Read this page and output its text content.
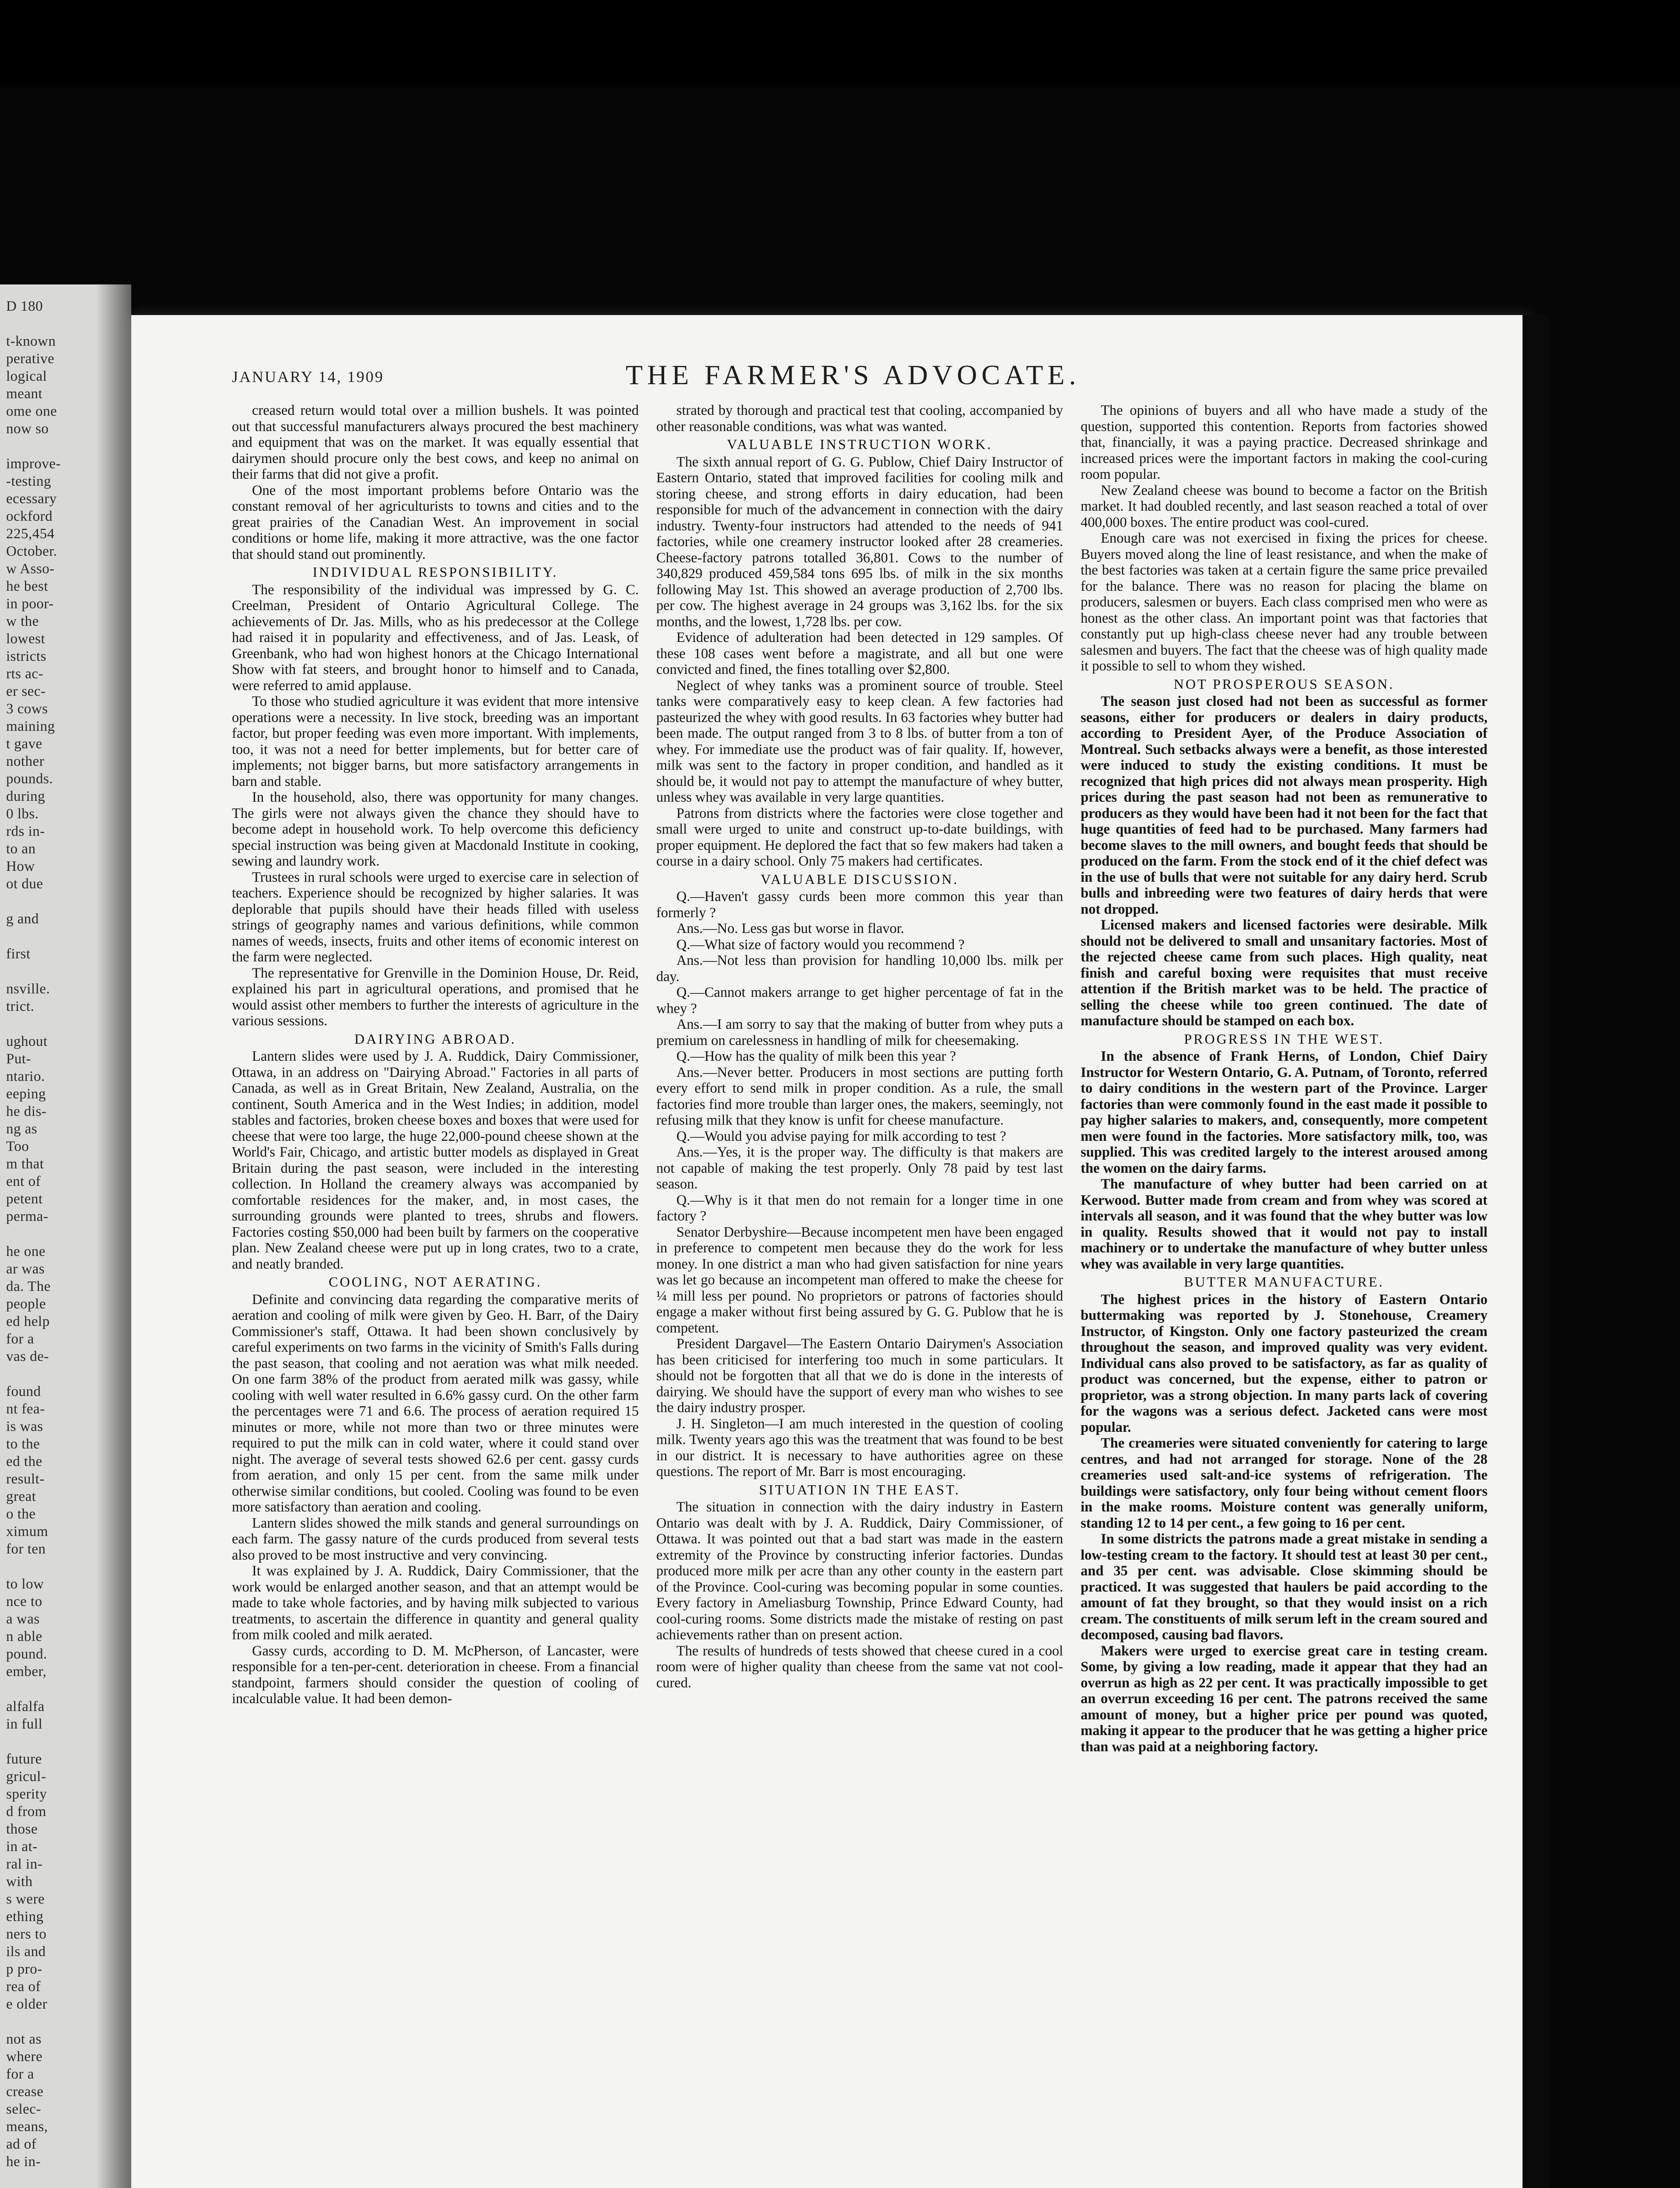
D 180

t-known
perative
logical
meant
ome one
now so

improve-
-testing
ecessary
ockford
225,454
October.
w Asso-
he best
in poor-
w the
lowest
istricts
rts ac-
er sec-
3 cows
maining
t gave
nother
pounds.
during
0 lbs.
rds in-
to an
How
ot due

g and

first

nsville.
trict.

ughout
Put-
ntario.
eeping
he dis-
ng as
Too
m that
ent of
petent
perma-

he one
ar was
da. The
people
ed help
for a
vas de-

found
nt fea-
is was
to the
ed the
result-
great
o the
ximum
for ten

to low
nce to
a was
n able
pound.
ember,

alfalfa
in full

future
gricul-
sperity
d from
those
in at-
ral in-
with
s were
ething
ners to
ils and
p pro-
rea of
e older

not as
where
for a
crease
selec-
means,
ad of
he in-
JANUARY 14, 1909	THE FARMER'S ADVOCATE.

creased return would total over a million bushels. It was pointed out that successful manufacturers always procured the best machinery and equipment that was on the market. It was equally essential that dairymen should procure only the best cows, and keep no animal on their farms that did not give a profit.

One of the most important problems before Ontario was the constant removal of her agriculturists to towns and cities and to the great prairies of the Canadian West. An improvement in social conditions or home life, making it more attractive, was the one factor that should stand out prominently.

INDIVIDUAL RESPONSIBILITY.

The responsibility of the individual was impressed by G. C. Creelman, President of Ontario Agricultural College. The achievements of Dr. Jas. Mills, who as his predecessor at the College had raised it in popularity and effectiveness, and of Jas. Leask, of Greenbank, who had won highest honors at the Chicago International Show with fat steers, and brought honor to himself and to Canada, were referred to amid applause.

To those who studied agriculture it was evident that more intensive operations were a necessity. In live stock, breeding was an important factor, but proper feeding was even more important. With implements, too, it was not a need for better implements, but for better care of implements; not bigger barns, but more satisfactory arrangements in barn and stable.

In the household, also, there was opportunity for many changes. The girls were not always given the chance they should have to become adept in household work. To help overcome this deficiency special instruction was being given at Macdonald Institute in cooking, sewing and laundry work.

Trustees in rural schools were urged to exercise care in selection of teachers. Experience should be recognized by higher salaries. It was deplorable that pupils should have their heads filled with useless strings of geography names and various definitions, while common names of weeds, insects, fruits and other items of economic interest on the farm were neglected.

The representative for Grenville in the Dominion House, Dr. Reid, explained his part in agricultural operations, and promised that he would assist other members to further the interests of agriculture in the various sessions.

DAIRYING ABROAD.

Lantern slides were used by J. A. Ruddick, Dairy Commissioner, Ottawa, in an address on "Dairying Abroad." Factories in all parts of Canada, as well as in Great Britain, New Zealand, Australia, on the continent, South America and in the West Indies; in addition, model stables and factories, broken cheese boxes and boxes that were used for cheese that were too large, the huge 22,000-pound cheese shown at the World's Fair, Chicago, and artistic butter models as displayed in Great Britain during the past season, were included in the interesting collection. In Holland the creamery always was accompanied by comfortable residences for the maker, and, in most cases, the surrounding grounds were planted to trees, shrubs and flowers. Factories costing $50,000 had been built by farmers on the cooperative plan. New Zealand cheese were put up in long crates, two to a crate, and neatly branded.

COOLING, NOT AERATING.

Definite and convincing data regarding the comparative merits of aeration and cooling of milk were given by Geo. H. Barr, of the Dairy Commissioner's staff, Ottawa. It had been shown conclusively by careful experiments on two farms in the vicinity of Smith's Falls during the past season, that cooling and not aeration was what milk needed. On one farm 38% of the product from aerated milk was gassy, while cooling with well water resulted in 6.6% gassy curd. On the other farm the percentages were 71 and 6.6. The process of aeration required 15 minutes or more, while not more than two or three minutes were required to put the milk can in cold water, where it could stand over night. The average of several tests showed 62.6 per cent. gassy curds from aeration, and only 15 per cent. from the same milk under otherwise similar conditions, but cooled. Cooling was found to be even more satisfactory than aeration and cooling.

Lantern slides showed the milk stands and general surroundings on each farm. The gassy nature of the curds produced from several tests also proved to be most instructive and very convincing.

It was explained by J. A. Ruddick, Dairy Commissioner, that the work would be enlarged another season, and that an attempt would be made to take whole factories, and by having milk subjected to various treatments, to ascertain the difference in quantity and general quality from milk cooled and milk aerated.

Gassy curds, according to D. M. McPherson, of Lancaster, were responsible for a ten-per-cent. deterioration in cheese. From a financial standpoint, farmers should consider the question of cooling of incalculable value. It had been demon-

strated by thorough and practical test that cooling, accompanied by other reasonable conditions, was what was wanted.

VALUABLE INSTRUCTION WORK.

The sixth annual report of G. G. Publow, Chief Dairy Instructor of Eastern Ontario, stated that improved facilities for cooling milk and storing cheese, and strong efforts in dairy education, had been responsible for much of the advancement in connection with the dairy industry. Twenty-four instructors had attended to the needs of 941 factories, while one creamery instructor looked after 28 creameries. Cheese-factory patrons totalled 36,801. Cows to the number of 340,829 produced 459,584 tons 695 lbs. of milk in the six months following May 1st. This showed an average production of 2,700 lbs. per cow. The highest average in 24 groups was 3,162 lbs. for the six months, and the lowest, 1,728 lbs. per cow.

Evidence of adulteration had been detected in 129 samples. Of these 108 cases went before a magistrate, and all but one were convicted and fined, the fines totalling over $2,800.

Neglect of whey tanks was a prominent source of trouble. Steel tanks were comparatively easy to keep clean. A few factories had pasteurized the whey with good results. In 63 factories whey butter had been made. The output ranged from 3 to 8 lbs. of butter from a ton of whey. For immediate use the product was of fair quality. If, however, milk was sent to the factory in proper condition, and handled as it should be, it would not pay to attempt the manufacture of whey butter, unless whey was available in very large quantities.

Patrons from districts where the factories were close together and small were urged to unite and construct up-to-date buildings, with proper equipment. He deplored the fact that so few makers had taken a course in a dairy school. Only 75 makers had certificates.

VALUABLE DISCUSSION.

Q.—Haven't gassy curds been more common this year than formerly ?

Ans.—No. Less gas but worse in flavor.

Q.—What size of factory would you recommend ?

Ans.—Not less than provision for handling 10,000 lbs. milk per day.

Q.—Cannot makers arrange to get higher percentage of fat in the whey ?

Ans.—I am sorry to say that the making of butter from whey puts a premium on carelessness in handling of milk for cheesemaking.

Q.—How has the quality of milk been this year ?

Ans.—Never better. Producers in most sections are putting forth every effort to send milk in proper condition. As a rule, the small factories find more trouble than larger ones, the makers, seemingly, not refusing milk that they know is unfit for cheese manufacture.

Q.—Would you advise paying for milk according to test ?

Ans.—Yes, it is the proper way. The difficulty is that makers are not capable of making the test properly. Only 78 paid by test last season.

Q.—Why is it that men do not remain for a longer time in one factory ?

Senator Derbyshire—Because incompetent men have been engaged in preference to competent men because they do the work for less money. In one district a man who had given satisfaction for nine years was let go because an incompetent man offered to make the cheese for ¼ mill less per pound. No proprietors or patrons of factories should engage a maker without first being assured by G. G. Publow that he is competent.

President Dargavel—The Eastern Ontario Dairymen's Association has been criticised for interfering too much in some particulars. It should not be forgotten that all that we do is done in the interests of dairying. We should have the support of every man who wishes to see the dairy industry prosper.

J. H. Singleton—I am much interested in the question of cooling milk. Twenty years ago this was the treatment that was found to be best in our district. It is necessary to have authorities agree on these questions. The report of Mr. Barr is most encouraging.

SITUATION IN THE EAST.

The situation in connection with the dairy industry in Eastern Ontario was dealt with by J. A. Ruddick, Dairy Commissioner, of Ottawa. It was pointed out that a bad start was made in the eastern extremity of the Province by constructing inferior factories. Dundas produced more milk per acre than any other county in the eastern part of the Province. Cool-curing was becoming popular in some counties. Every factory in Ameliasburg Township, Prince Edward County, had cool-curing rooms. Some districts made the mistake of resting on past achievements rather than on present action.

The results of hundreds of tests showed that cheese cured in a cool room were of higher quality than cheese from the same vat not cool-cured.

The opinions of buyers and all who have made a study of the question, supported this contention. Reports from factories showed that, financially, it was a paying practice. Decreased shrinkage and increased prices were the important factors in making the cool-curing room popular.

New Zealand cheese was bound to become a factor on the British market. It had doubled recently, and last season reached a total of over 400,000 boxes. The entire product was cool-cured.

Enough care was not exercised in fixing the prices for cheese. Buyers moved along the line of least resistance, and when the make of the best factories was taken at a certain figure the same price prevailed for the balance. There was no reason for placing the blame on producers, salesmen or buyers. Each class comprised men who were as honest as the other class. An important point was that factories that constantly put up high-class cheese never had any trouble between salesmen and buyers. The fact that the cheese was of high quality made it possible to sell to whom they wished.

NOT PROSPEROUS SEASON.

The season just closed had not been as successful as former seasons, either for producers or dealers in dairy products, according to President Ayer, of the Produce Association of Montreal. Such setbacks always were a benefit, as those interested were induced to study the existing conditions. It must be recognized that high prices did not always mean prosperity. High prices during the past season had not been as remunerative to producers as they would have been had it not been for the fact that huge quantities of feed had to be purchased. Many farmers had become slaves to the mill owners, and bought feeds that should be produced on the farm. From the stock end of it the chief defect was in the use of bulls that were not suitable for any dairy herd. Scrub bulls and inbreeding were two features of dairy herds that were not dropped.

Licensed makers and licensed factories were desirable. Milk should not be delivered to small and unsanitary factories. Most of the rejected cheese came from such places. High quality, neat finish and careful boxing were requisites that must receive attention if the British market was to be held. The practice of selling the cheese while too green continued. The date of manufacture should be stamped on each box.

PROGRESS IN THE WEST.

In the absence of Frank Herns, of London, Chief Dairy Instructor for Western Ontario, G. A. Putnam, of Toronto, referred to dairy conditions in the western part of the Province. Larger factories than were commonly found in the east made it possible to pay higher salaries to makers, and, consequently, more competent men were found in the factories. More satisfactory milk, too, was supplied. This was credited largely to the interest aroused among the women on the dairy farms.

The manufacture of whey butter had been carried on at Kerwood. Butter made from cream and from whey was scored at intervals all season, and it was found that the whey butter was low in quality. Results showed that it would not pay to install machinery or to undertake the manufacture of whey butter unless whey was available in very large quantities.

BUTTER MANUFACTURE.

The highest prices in the history of Eastern Ontario buttermaking was reported by J. Stonehouse, Creamery Instructor, of Kingston. Only one factory pasteurized the cream throughout the season, and improved quality was very evident. Individual cans also proved to be satisfactory, as far as quality of product was concerned, but the expense, either to patron or proprietor, was a strong objection. In many parts lack of covering for the wagons was a serious defect. Jacketed cans were most popular.

The creameries were situated conveniently for catering to large centres, and had not arranged for storage. None of the 28 creameries used salt-and-ice systems of refrigeration. The buildings were satisfactory, only four being without cement floors in the make rooms. Moisture content was generally uniform, standing 12 to 14 per cent., a few going to 16 per cent.

In some districts the patrons made a great mistake in sending a low-testing cream to the factory. It should test at least 30 per cent., and 35 per cent. was advisable. Close skimming should be practiced. It was suggested that haulers be paid according to the amount of fat they brought, so that they would insist on a rich cream. The constituents of milk serum left in the cream soured and decomposed, causing bad flavors.

Makers were urged to exercise great care in testing cream. Some, by giving a low reading, made it appear that they had an overrun as high as 22 per cent. It was practically impossible to get an overrun exceeding 16 per cent. The patrons received the same amount of money, but a higher price per pound was quoted, making it appear to the producer that he was getting a higher price than was paid at a neighboring factory.
